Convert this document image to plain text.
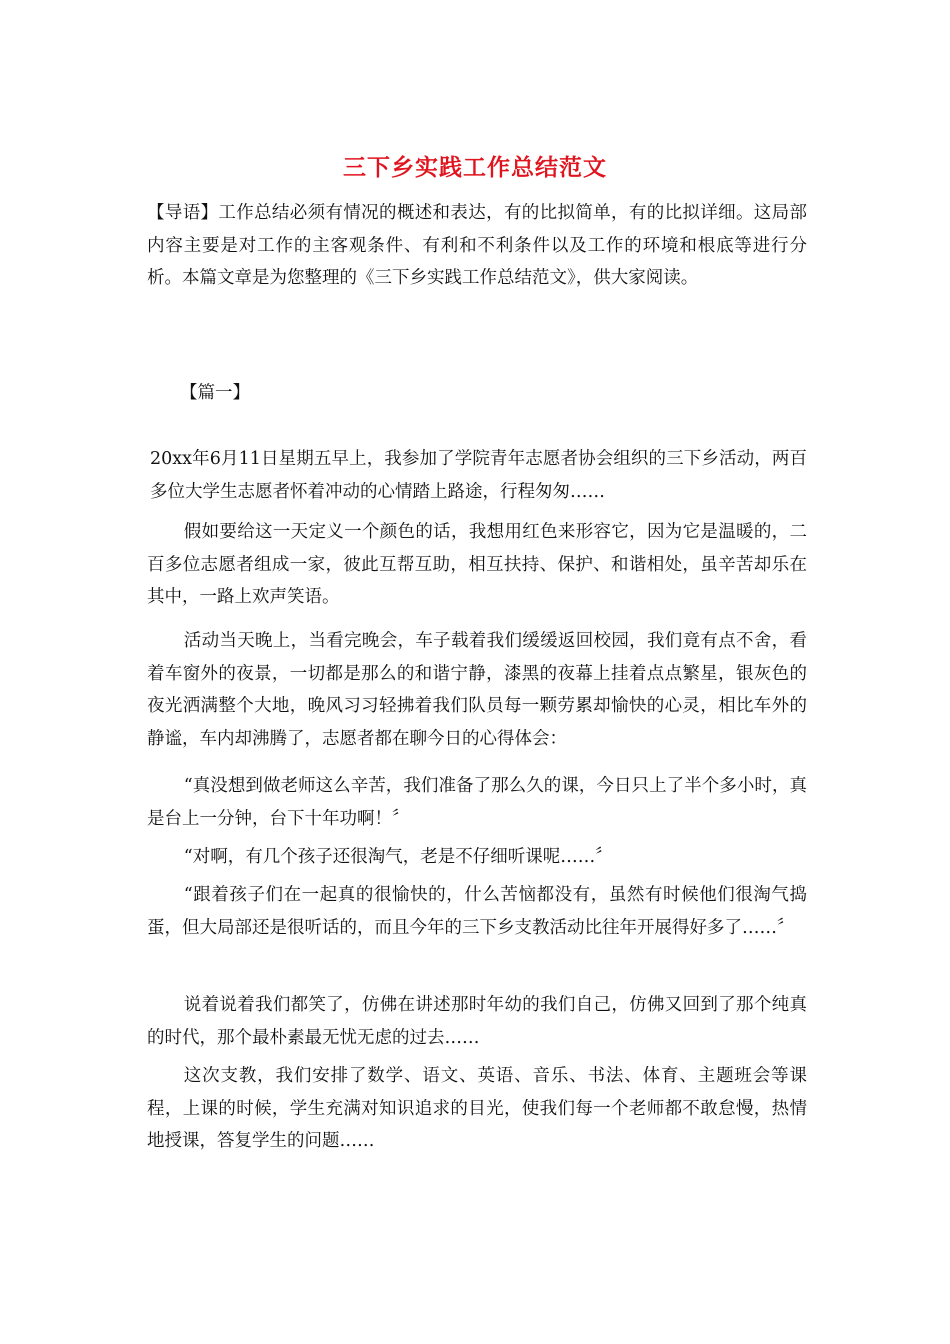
三下乡实践工作总结范文

【导语】工作总结必须有情况的概述和表达，有的比拟简单，有的比拟详细。这局部内容主要是对工作的主客观条件、有利和不利条件以及工作的环境和根底等进行分析。本篇文章是为您整理的《三下乡实践工作总结范文》，供大家阅读。

【篇一】

20xx年6月11日星期五早上，我参加了学院青年志愿者协会组织的三下乡活动，两百多位大学生志愿者怀着冲动的心情踏上路途，行程匆匆……

假如要给这一天定义一个颜色的话，我想用红色来形容它，因为它是温暖的，二百多位志愿者组成一家，彼此互帮互助，相互扶持、保护、和谐相处，虽辛苦却乐在其中，一路上欢声笑语。

活动当天晚上，当看完晚会，车子载着我们缓缓返回校园，我们竟有点不舍，看着车窗外的夜景，一切都是那么的和谐宁静，漆黑的夜幕上挂着点点繁星，银灰色的夜光洒满整个大地，晚风习习轻拂着我们队员每一颗劳累却愉快的心灵，相比车外的静谧，车内却沸腾了，志愿者都在聊今日的心得体会：

“真没想到做老师这么辛苦，我们准备了那么久的课，今日只上了半个多小时，真是台上一分钟，台下十年功啊！〞

“对啊，有几个孩子还很淘气，老是不仔细听课呢……〞

“跟着孩子们在一起真的很愉快的，什么苦恼都没有，虽然有时候他们很淘气捣蛋，但大局部还是很听话的，而且今年的三下乡支教活动比往年开展得好多了……〞

说着说着我们都笑了，仿佛在讲述那时年幼的我们自己，仿佛又回到了那个纯真的时代，那个最朴素最无忧无虑的过去……

这次支教，我们安排了数学、语文、英语、音乐、书法、体育、主题班会等课程，上课的时候，学生充满对知识追求的目光，使我们每一个老师都不敢怠慢，热情地授课，答复学生的问题……
